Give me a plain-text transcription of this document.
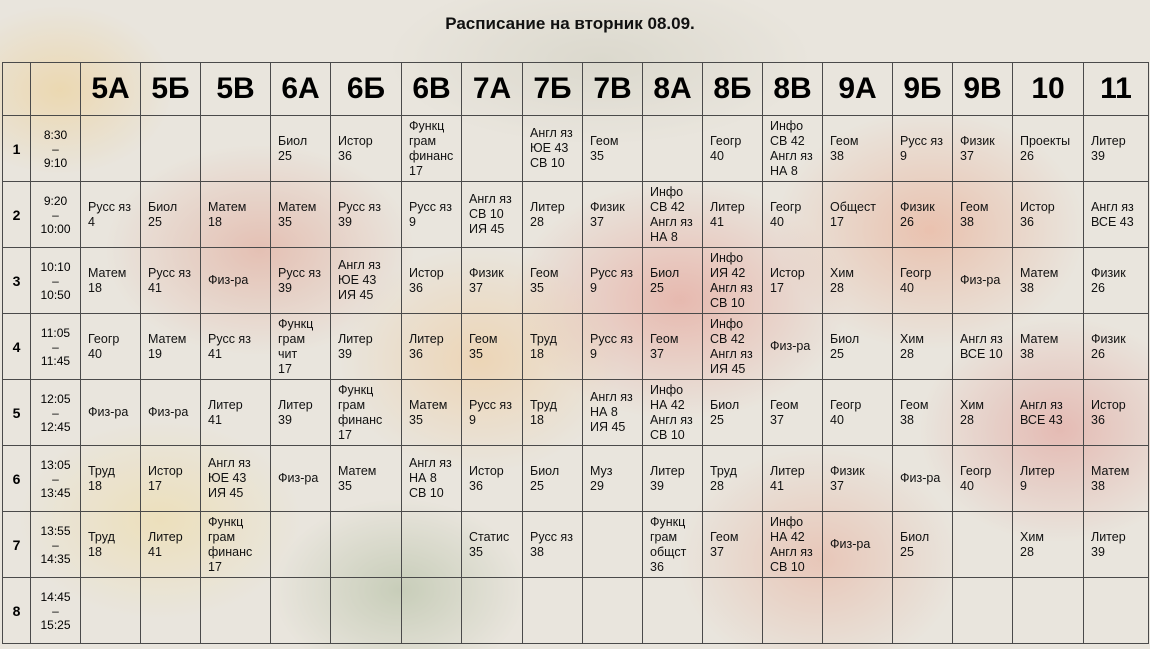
Расписание на вторник 08.09.
		5А	5Б	5В	6А	6Б	6В	7А	7Б	7В	8А	8Б	8В	9А	9Б	9В	10	11
1	8:30
–
9:10				Биол
25	Истор
36	Функц
грам
финанс
17		Англ яз
ЮЕ 43
СВ 10	Геом
35		Геогр
40	Инфо
СВ 42
Англ яз
НА 8	Геом
38	Русс яз
9	Физик
37	Проекты
26	Литер
39
2	9:20
–
10:00	Русс яз
4	Биол
25	Матем
18	Матем
35	Русс яз
39	Русс яз
9	Англ яз
СВ 10
ИЯ 45	Литер
28	Физик
37	Инфо
СВ 42
Англ яз
НА 8	Литер
41	Геогр
40	Общест
17	Физик
26	Геом
38	Истор
36	Англ яз
ВСЕ 43
3	10:10
–
10:50	Матем
18	Русс яз
41	Физ-ра	Русс яз
39	Англ яз
ЮЕ 43
ИЯ 45	Истор
36	Физик
37	Геом
35	Русс яз
9	Биол
25	Инфо
ИЯ 42
Англ яз
СВ 10	Истор
17	Хим
28	Геогр
40	Физ-ра	Матем
38	Физик
26
4	11:05
–
11:45	Геогр
40	Матем
19	Русс яз
41	Функц
грам
чит
17	Литер
39	Литер
36	Геом
35	Труд
18	Русс яз
9	Геом
37	Инфо
СВ 42
Англ яз
ИЯ 45	Физ-ра	Биол
25	Хим
28	Англ яз
ВСЕ 10	Матем
38	Физик
26
5	12:05
–
12:45	Физ-ра	Физ-ра	Литер
41	Литер
39	Функц
грам
финанс
17	Матем
35	Русс яз
9	Труд
18	Англ яз
НА 8
ИЯ 45	Инфо
НА 42
Англ яз
СВ 10	Биол
25	Геом
37	Геогр
40	Геом
38	Хим
28	Англ яз
ВСЕ 43	Истор
36
6	13:05
–
13:45	Труд
18	Истор
17	Англ яз
ЮЕ 43
ИЯ 45	Физ-ра	Матем
35	Англ яз
НА 8
СВ 10	Истор
36	Биол
25	Муз
29	Литер
39	Труд
28	Литер
41	Физик
37	Физ-ра	Геогр
40	Литер
9	Матем
38
7	13:55
–
14:35	Труд
18	Литер
41	Функц
грам
финанс
17				Статис
35	Русс яз
38		Функц
грам
общст
36	Геом
37	Инфо
НА 42
Англ яз
СВ 10	Физ-ра	Биол
25		Хим
28	Литер
39
8	14:45
–
15:25																	
